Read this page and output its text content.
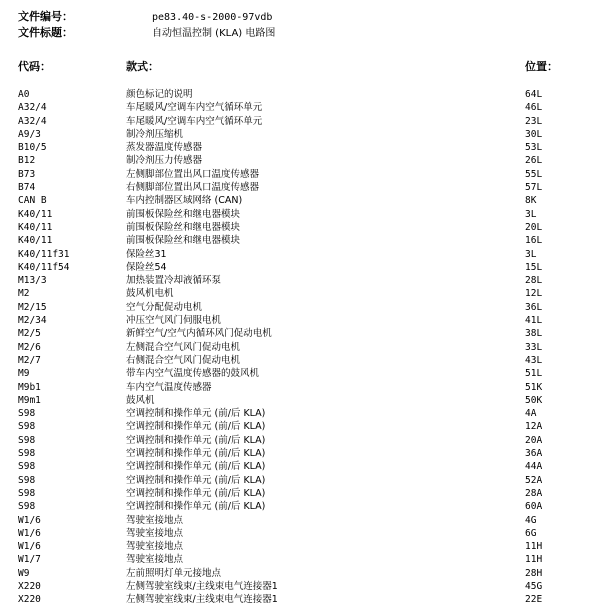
文件编号：	pe83.40-s-2000-97vdb
文件标题：	自动恒温控制 (KLA) 电路图
代码：	款式：	位置：
A0	颜色标记的说明	64L
A32/4	车尾暖风/空调车内空气循环单元	46L
A32/4	车尾暖风/空调车内空气循环单元	23L
A9/3	制冷剂压缩机	30L
B10/5	蒸发器温度传感器	53L
B12	制冷剂压力传感器	26L
B73	左侧脚部位置出风口温度传感器	55L
B74	右侧脚部位置出风口温度传感器	57L
CAN B	车内控制器区域网络 (CAN)	8K
K40/11	前围板保险丝和继电器模块	3L
K40/11	前围板保险丝和继电器模块	20L
K40/11	前围板保险丝和继电器模块	16L
K40/11f31	保险丝31	3L
K40/11f54	保险丝54	15L
M13/3	加热装置冷却液循环泵	28L
M2	鼓风机电机	12L
M2/15	空气分配促动电机	36L
M2/34	冲压空气风门伺服电机	41L
M2/5	新鲜空气/空气内循环风门促动电机	38L
M2/6	左侧混合空气风门促动电机	33L
M2/7	右侧混合空气风门促动电机	43L
M9	带车内空气温度传感器的鼓风机	51L
M9b1	车内空气温度传感器	51K
M9m1	鼓风机	50K
S98	空调控制和操作单元 (前/后 KLA)	4A
S98	空调控制和操作单元 (前/后 KLA)	12A
S98	空调控制和操作单元 (前/后 KLA)	20A
S98	空调控制和操作单元 (前/后 KLA)	36A
S98	空调控制和操作单元 (前/后 KLA)	44A
S98	空调控制和操作单元 (前/后 KLA)	52A
S98	空调控制和操作单元 (前/后 KLA)	28A
S98	空调控制和操作单元 (前/后 KLA)	60A
W1/6	驾驶室接地点	4G
W1/6	驾驶室接地点	6G
W1/6	驾驶室接地点	11H
W1/7	驾驶室接地点	11H
W9	左前照明灯单元接地点	28H
X220	左侧驾驶室线束/主线束电气连接器1	45G
X220	左侧驾驶室线束/主线束电气连接器1	22E
